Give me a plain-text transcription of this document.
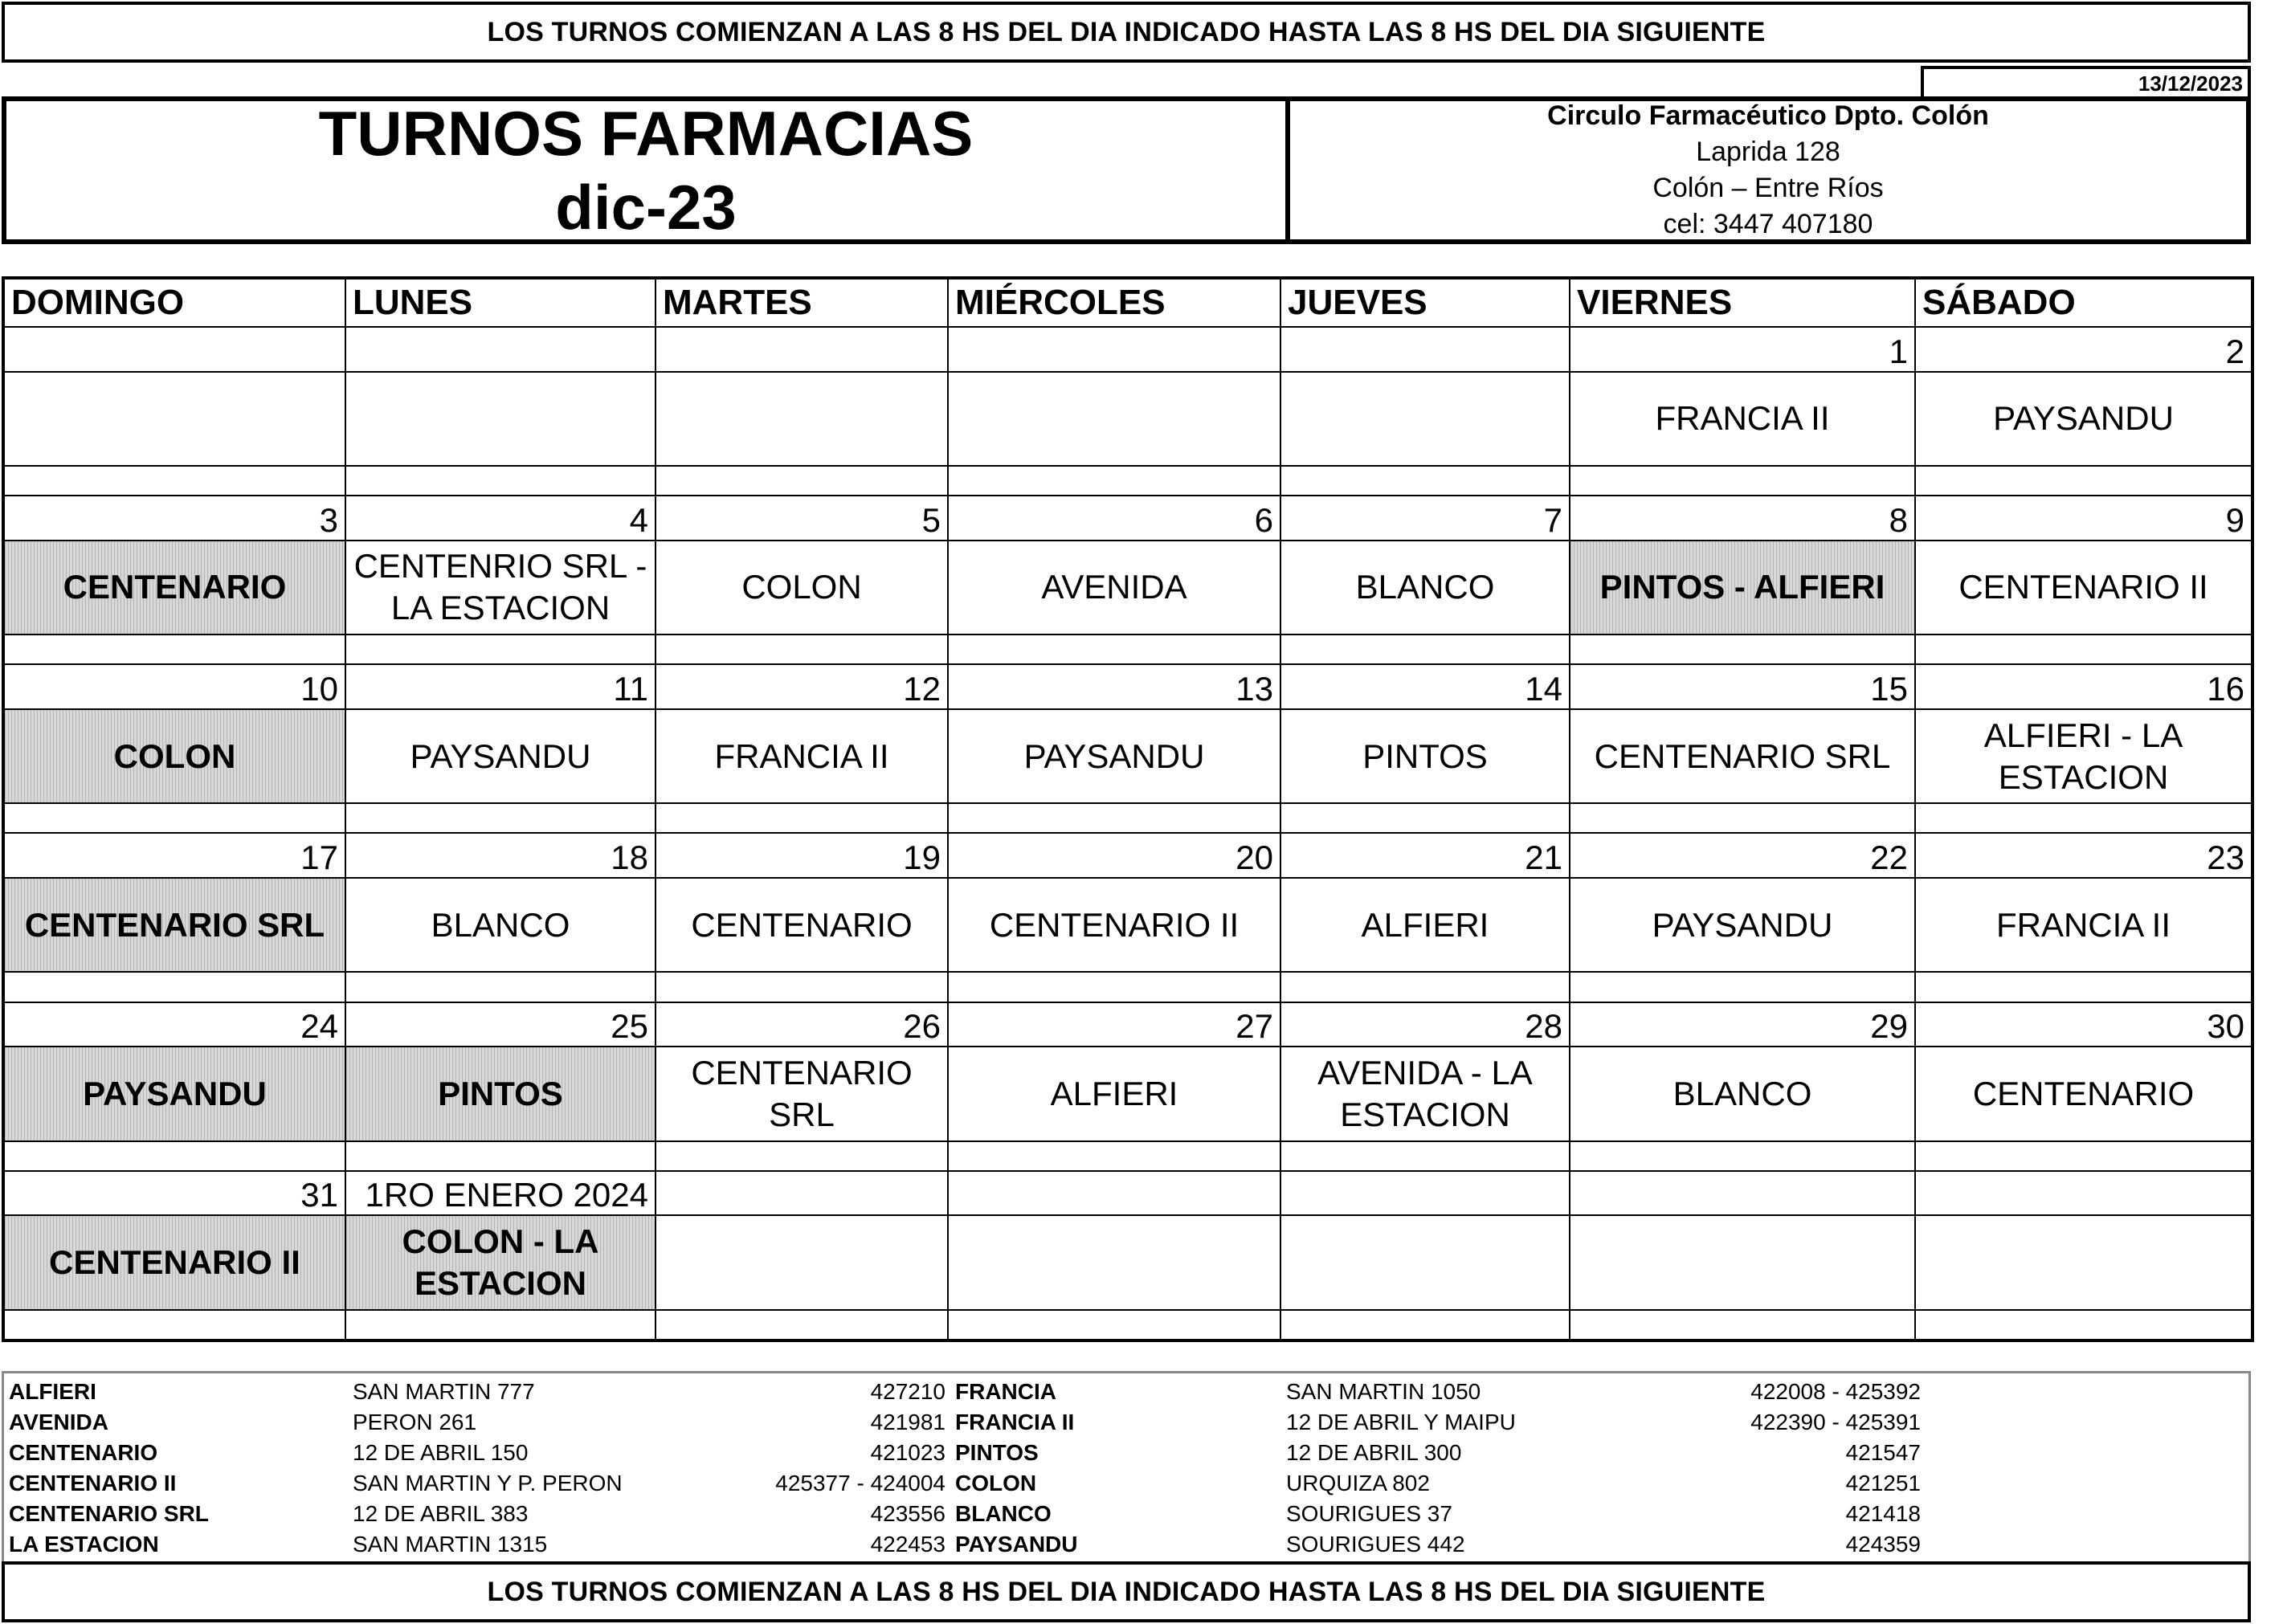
LOS TURNOS COMIENZAN A LAS 8 HS DEL DIA INDICADO HASTA LAS 8 HS DEL DIA SIGUIENTE
13/12/2023
TURNOS FARMACIAS
dic-23
Circulo Farmacéutico Dpto. Colón
Laprida 128
Colón – Entre Ríos
cel: 3447 407180
DOMINGO	LUNES	MARTES	MIÉRCOLES	JUEVES	VIERNES	SÁBADO
					1	2
					FRANCIA II	PAYSANDU

3	4	5	6	7	8	9
CENTENARIO	CENTENRIO SRL - LA ESTACION	COLON	AVENIDA	BLANCO	PINTOS - ALFIERI	CENTENARIO II

10	11	12	13	14	15	16
COLON	PAYSANDU	FRANCIA II	PAYSANDU	PINTOS	CENTENARIO SRL	ALFIERI - LA ESTACION

17	18	19	20	21	22	23
CENTENARIO SRL	BLANCO	CENTENARIO	CENTENARIO II	ALFIERI	PAYSANDU	FRANCIA II

24	25	26	27	28	29	30
PAYSANDU	PINTOS	CENTENARIO SRL	ALFIERI	AVENIDA - LA ESTACION	BLANCO	CENTENARIO

31	1RO ENERO 2024					
CENTENARIO II	COLON - LA ESTACION					

ALFIERI	SAN MARTIN 777	427210	FRANCIA	SAN MARTIN 1050	422008 - 425392
AVENIDA	PERON 261	421981	FRANCIA II	12 DE ABRIL Y MAIPU	422390 - 425391
CENTENARIO	12 DE ABRIL 150	421023	PINTOS	12 DE ABRIL 300	421547
CENTENARIO II	SAN MARTIN Y P. PERON	425377 - 424004	COLON	URQUIZA 802	421251
CENTENARIO SRL	12 DE ABRIL 383	423556	BLANCO	SOURIGUES 37	421418
LA ESTACION	SAN MARTIN 1315	422453	PAYSANDU	SOURIGUES 442	424359
LOS TURNOS COMIENZAN A LAS 8 HS DEL DIA INDICADO HASTA LAS 8 HS DEL DIA SIGUIENTE
